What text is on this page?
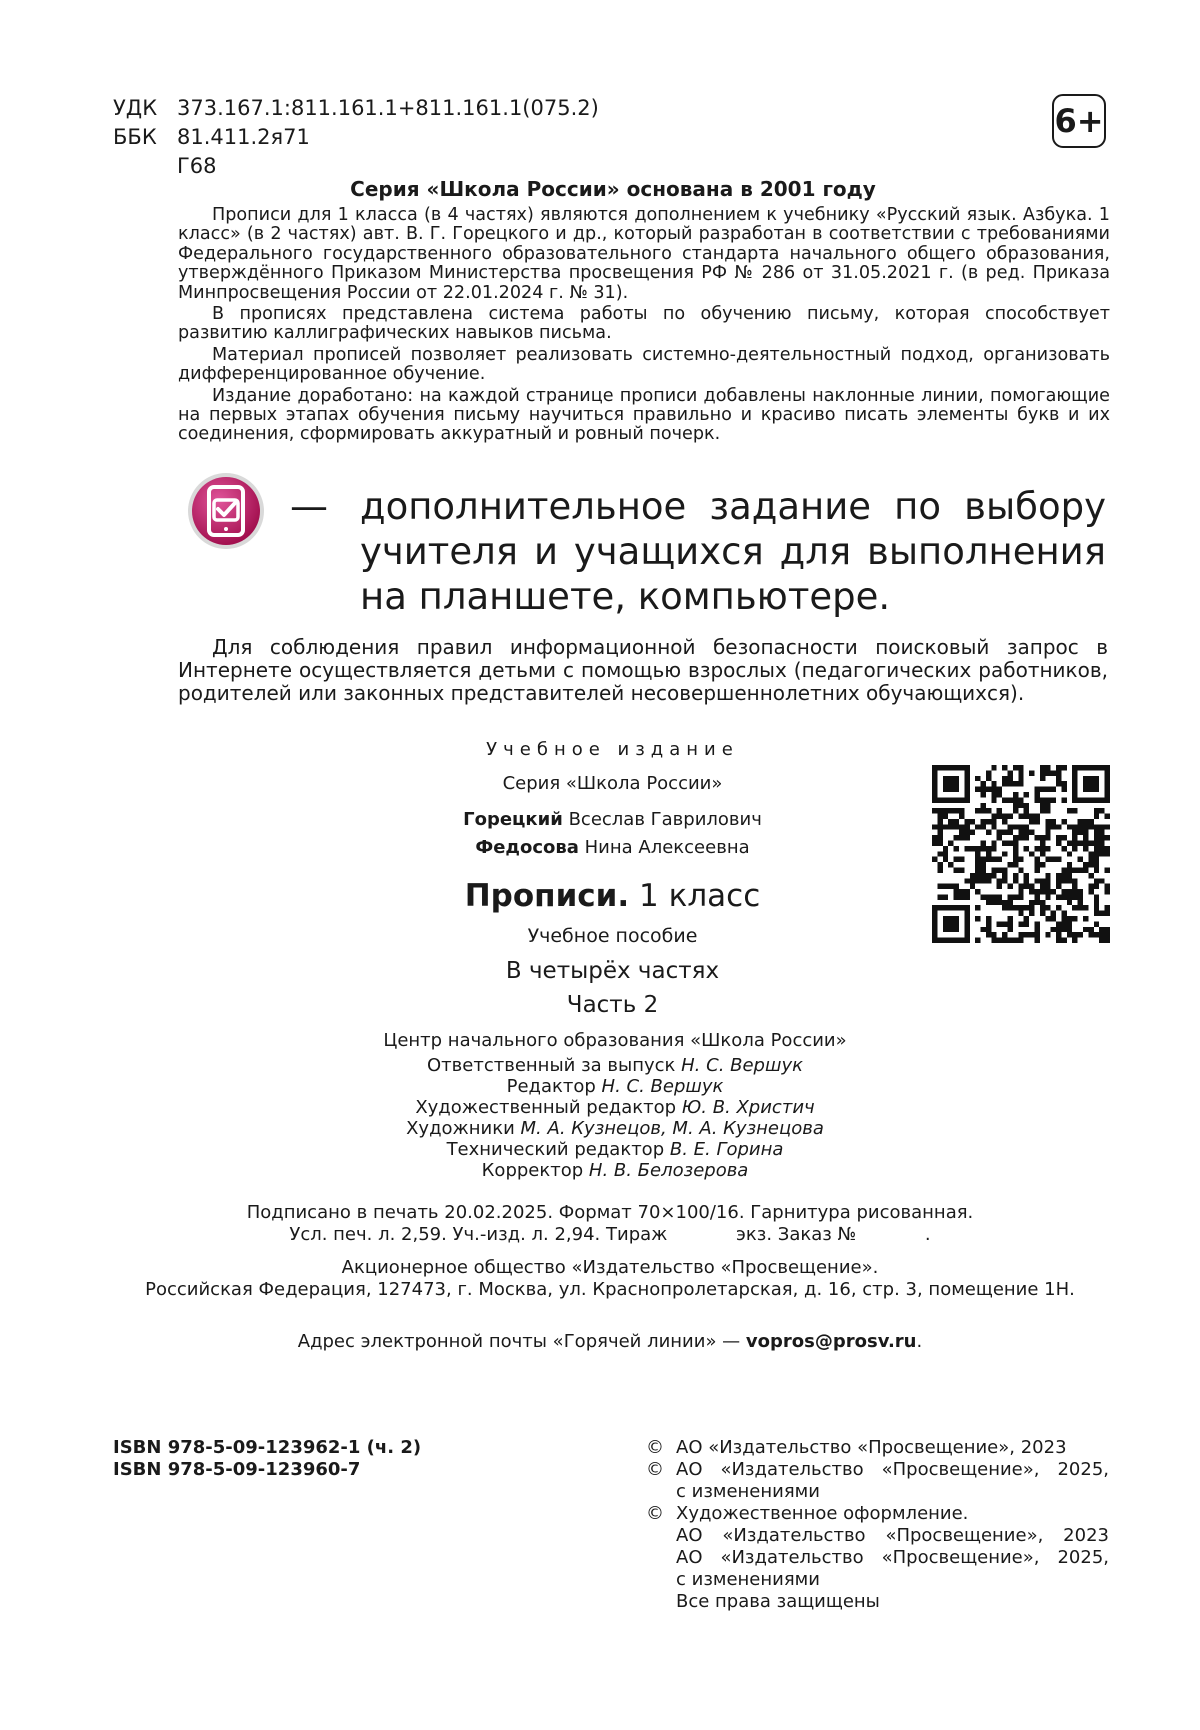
УДК 373.167.1:811.161.1+811.161.1(075.2)
ББК 81.411.2я71
Г68
6+
Серия «Школа России» основана в 2001 году

Прописи для 1 класса (в 4 частях) являются дополнением к учебнику «Русский язык. Азбука. 1 класс» (в 2 частях) авт. В. Г. Горецкого и др., который разработан в соответствии с требованиями Федерального государственного образовательного стандарта начального общего образования, утверждённого Приказом Министерства просвещения РФ № 286 от 31.05.2021 г. (в ред. Приказа Минпросвещения России от 22.01.2024 г. № 31).

В прописях представлена система работы по обучению письму, которая способствует развитию каллиграфических навыков письма.

Материал прописей позволяет реализовать системно-деятельностный подход, организовать дифференцированное обучение.

Издание доработано: на каждой странице прописи добавлены наклонные линии, помогающие на первых этапах обучения письму научиться правильно и красиво писать элементы букв и их соединения, сформировать аккуратный и ровный почерк.

— дополнительное задание по выбору учителя и учащихся для выполнения на планшете, компьютере.

Для соблюдения правил информационной безопасности поисковый запрос в Интернете осуществляется детьми с помощью взрослых (педагогических работников, родителей или законных представителей несовершеннолетних обучающихся).

Учебное издание
Серия «Школа России»
Горецкий Всеслав Гаврилович
Федосова Нина Алексеевна
Прописи. 1 класс
Учебное пособие
В четырёх частях
Часть 2
Центр начального образования «Школа России»
Ответственный за выпуск Н. С. Вершук
Редактор Н. С. Вершук
Художественный редактор Ю. В. Христич
Художники М. А. Кузнецов, М. А. Кузнецова
Технический редактор В. Е. Горина
Корректор Н. В. Белозерова
Подписано в печать 20.02.2025. Формат 70×100/16. Гарнитура рисованная.
Усл. печ. л. 2,59. Уч.-изд. л. 2,94. Тираж            экз. Заказ №            .
Акционерное общество «Издательство «Просвещение».
Российская Федерация, 127473, г. Москва, ул. Краснопролетарская, д. 16, стр. 3, помещение 1Н.
Адрес электронной почты «Горячей линии» — vopros@prosv.ru.
ISBN 978-5-09-123962-1 (ч. 2)
ISBN 978-5-09-123960-7
© АО «Издательство «Просвещение», 2023
© АО «Издательство «Просвещение», 2025,
с изменениями
© Художественное оформление.
АО «Издательство «Просвещение», 2023
АО «Издательство «Просвещение», 2025,
с изменениями
Все права защищены
